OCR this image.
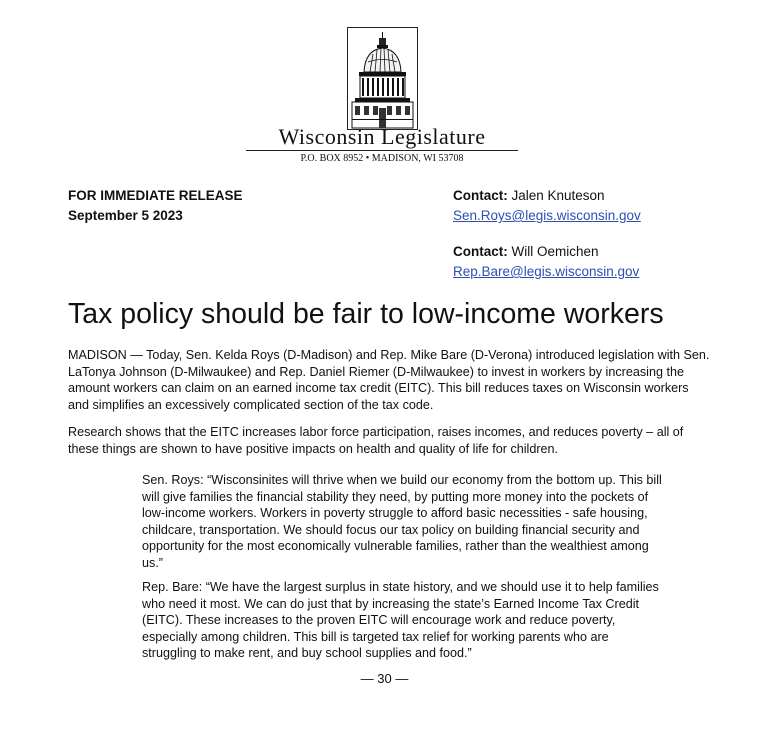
Wisconsin Legislature
P.O. BOX 8952 • MADISON, WI 53708
FOR IMMEDIATE RELEASE
September 5 2023
Contact: Jalen Knuteson
Sen.Roys@legis.wisconsin.gov
Contact: Will Oemichen
Rep.Bare@legis.wisconsin.gov
Tax policy should be fair to low-income workers
MADISON — Today, Sen. Kelda Roys (D-Madison) and Rep. Mike Bare (D-Verona) introduced legislation with Sen. LaTonya Johnson (D-Milwaukee) and Rep. Daniel Riemer (D-Milwaukee) to invest in workers by increasing the amount workers can claim on an earned income tax credit (EITC). This bill reduces taxes on Wisconsin workers and simplifies an excessively complicated section of the tax code.
Research shows that the EITC increases labor force participation, raises incomes, and reduces poverty – all of these things are shown to have positive impacts on health and quality of life for children.
Sen. Roys: “Wisconsinites will thrive when we build our economy from the bottom up. This bill will give families the financial stability they need, by putting more money into the pockets of low-income workers. Workers in poverty struggle to afford basic necessities - safe housing, childcare, transportation. We should focus our tax policy on building financial security and opportunity for the most economically vulnerable families, rather than the wealthiest among us.”
Rep. Bare: “We have the largest surplus in state history, and we should use it to help families who need it most. We can do just that by increasing the state’s Earned Income Tax Credit (EITC). These increases to the proven EITC will encourage work and reduce poverty, especially among children. This bill is targeted tax relief for working parents who are struggling to make rent, and buy school supplies and food.”
— 30 —
